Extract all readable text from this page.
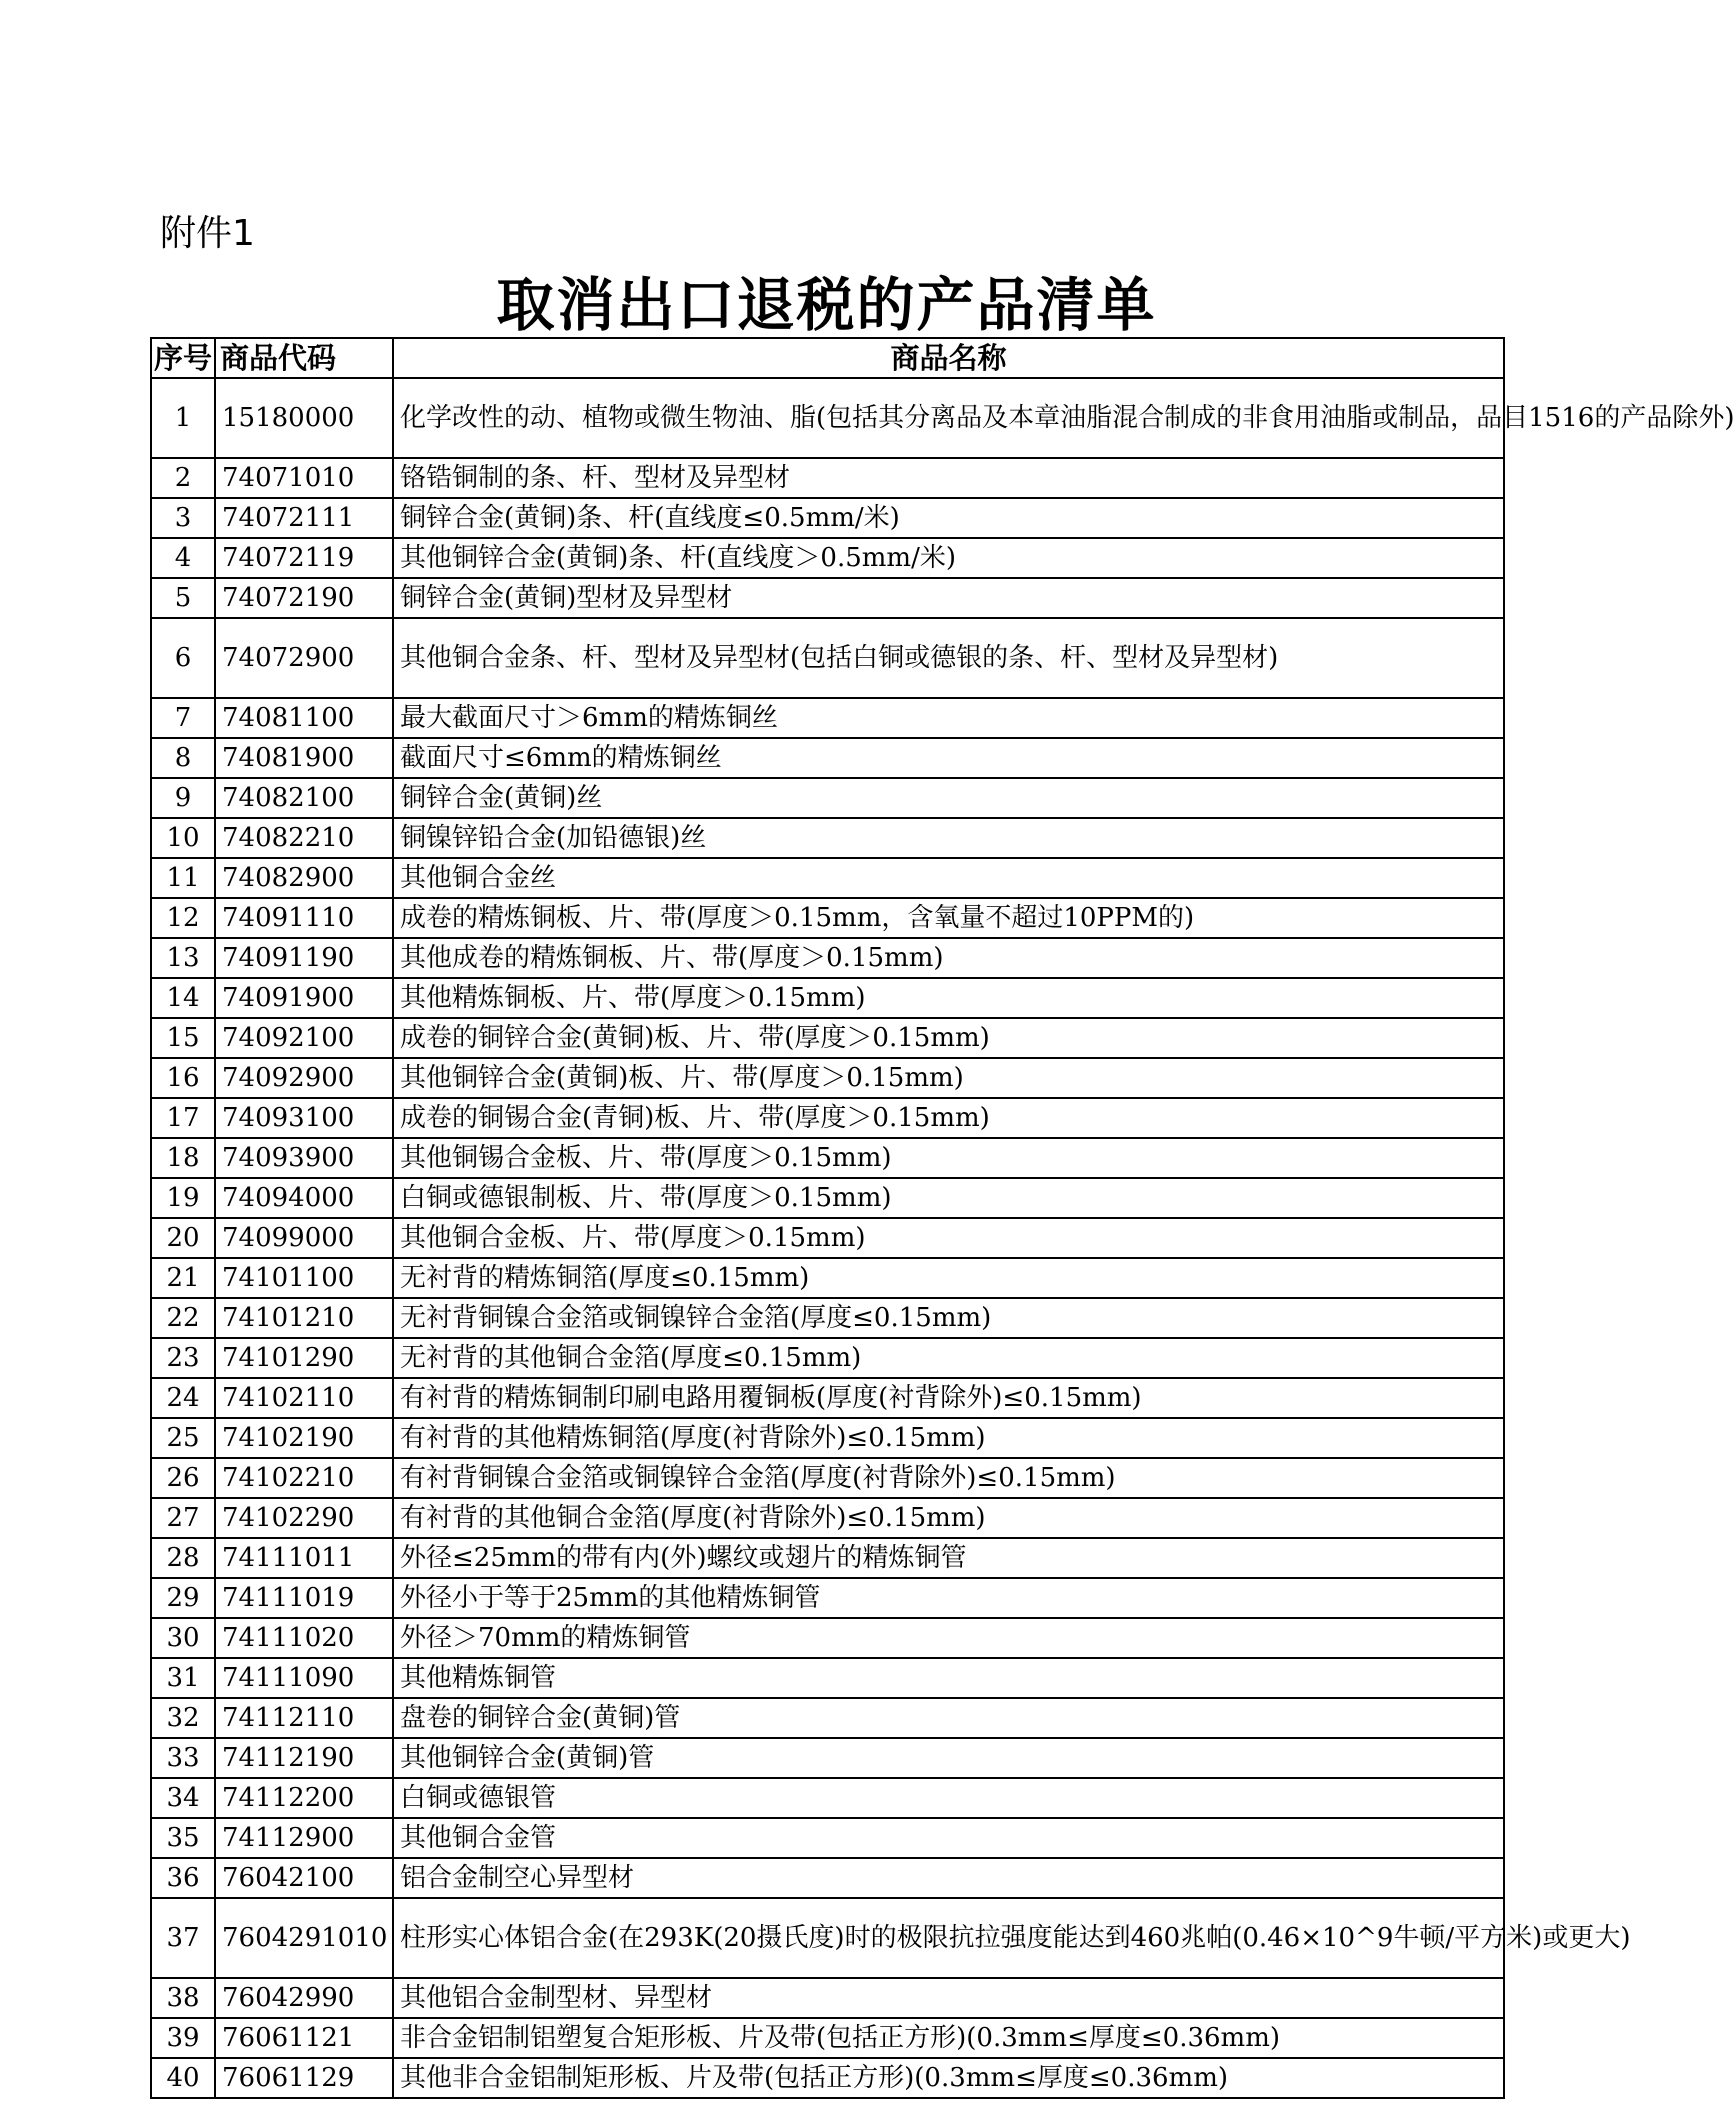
附件1
取消出口退税的产品清单
序号	商品代码	商品名称
1	15180000	化学改性的动、植物或微生物油、脂(包括其分离品及本章油脂混合制成的非食用油脂或制品，品目1516的产品除外)
2	74071010	铬锆铜制的条、杆、型材及异型材
3	74072111	铜锌合金(黄铜)条、杆(直线度≤0.5mm/米)
4	74072119	其他铜锌合金(黄铜)条、杆(直线度＞0.5mm/米)
5	74072190	铜锌合金(黄铜)型材及异型材
6	74072900	其他铜合金条、杆、型材及异型材(包括白铜或德银的条、杆、型材及异型材)
7	74081100	最大截面尺寸＞6mm的精炼铜丝
8	74081900	截面尺寸≤6mm的精炼铜丝
9	74082100	铜锌合金(黄铜)丝
10	74082210	铜镍锌铅合金(加铅德银)丝
11	74082900	其他铜合金丝
12	74091110	成卷的精炼铜板、片、带(厚度＞0.15mm，含氧量不超过10PPM的)
13	74091190	其他成卷的精炼铜板、片、带(厚度＞0.15mm)
14	74091900	其他精炼铜板、片、带(厚度＞0.15mm)
15	74092100	成卷的铜锌合金(黄铜)板、片、带(厚度＞0.15mm)
16	74092900	其他铜锌合金(黄铜)板、片、带(厚度＞0.15mm)
17	74093100	成卷的铜锡合金(青铜)板、片、带(厚度＞0.15mm)
18	74093900	其他铜锡合金板、片、带(厚度＞0.15mm)
19	74094000	白铜或德银制板、片、带(厚度＞0.15mm)
20	74099000	其他铜合金板、片、带(厚度＞0.15mm)
21	74101100	无衬背的精炼铜箔(厚度≤0.15mm)
22	74101210	无衬背铜镍合金箔或铜镍锌合金箔(厚度≤0.15mm)
23	74101290	无衬背的其他铜合金箔(厚度≤0.15mm)
24	74102110	有衬背的精炼铜制印刷电路用覆铜板(厚度(衬背除外)≤0.15mm)
25	74102190	有衬背的其他精炼铜箔(厚度(衬背除外)≤0.15mm)
26	74102210	有衬背铜镍合金箔或铜镍锌合金箔(厚度(衬背除外)≤0.15mm)
27	74102290	有衬背的其他铜合金箔(厚度(衬背除外)≤0.15mm)
28	74111011	外径≤25mm的带有内(外)螺纹或翅片的精炼铜管
29	74111019	外径小于等于25mm的其他精炼铜管
30	74111020	外径＞70mm的精炼铜管
31	74111090	其他精炼铜管
32	74112110	盘卷的铜锌合金(黄铜)管
33	74112190	其他铜锌合金(黄铜)管
34	74112200	白铜或德银管
35	74112900	其他铜合金管
36	76042100	铝合金制空心异型材
37	7604291010	柱形实心体铝合金(在293K(20摄氏度)时的极限抗拉强度能达到460兆帕(0.46×10^9牛顿/平方米)或更大)
38	76042990	其他铝合金制型材、异型材
39	76061121	非合金铝制铝塑复合矩形板、片及带(包括正方形)(0.3mm≤厚度≤0.36mm)
40	76061129	其他非合金铝制矩形板、片及带(包括正方形)(0.3mm≤厚度≤0.36mm)
